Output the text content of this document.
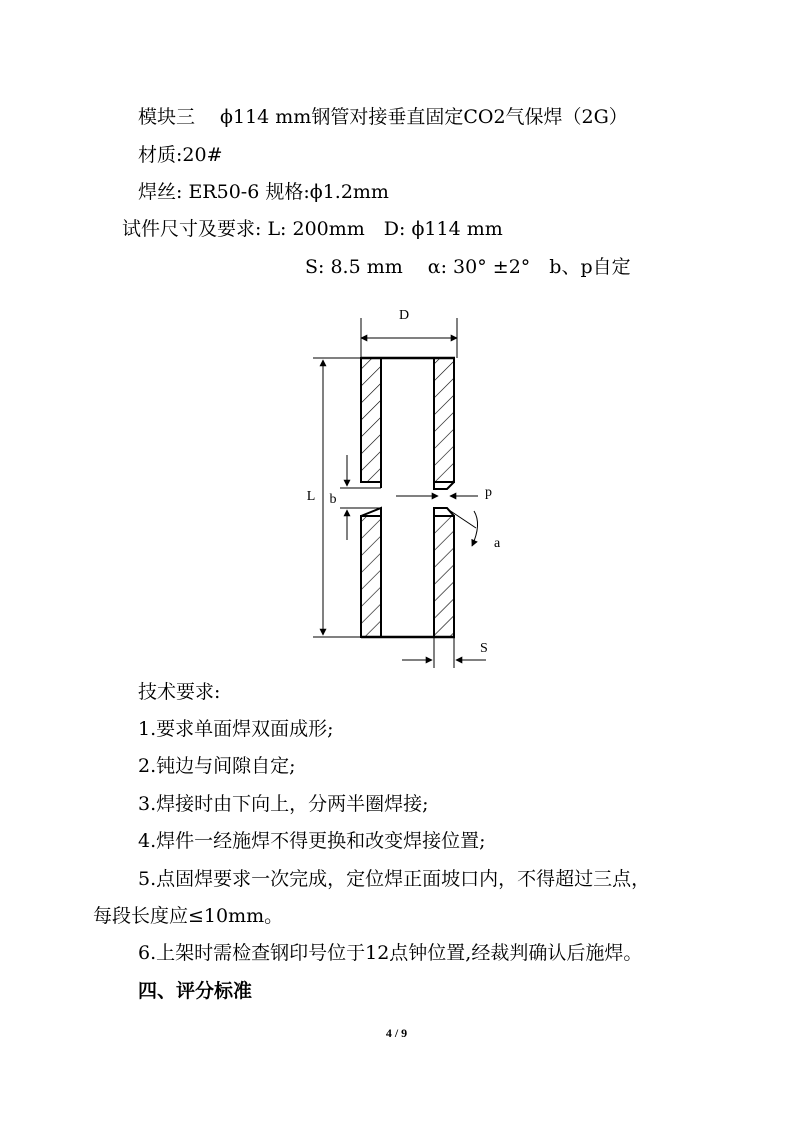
模块三　 ϕ114 mm钢管对接垂直固定CO2气保焊（2G）
材质:20#
焊丝: ER50-6 规格:ϕ1.2mm
试件尺寸及要求: L: 200mm　D: ϕ114 mm
S: 8.5 mm　 α: 30° ±2°　b、p自定
D
L b	p
a
S
技术要求:
1.要求单面焊双面成形;
2.钝边与间隙自定;
3.焊接时由下向上，分两半圈焊接;
4.焊件一经施焊不得更换和改变焊接位置;
5.点固焊要求一次完成，定位焊正面坡口内，不得超过三点，
每段长度应≤10mm。
6.上架时需检查钢印号位于12点钟位置,经裁判确认后施焊。
四、评分标准
4 / 9
